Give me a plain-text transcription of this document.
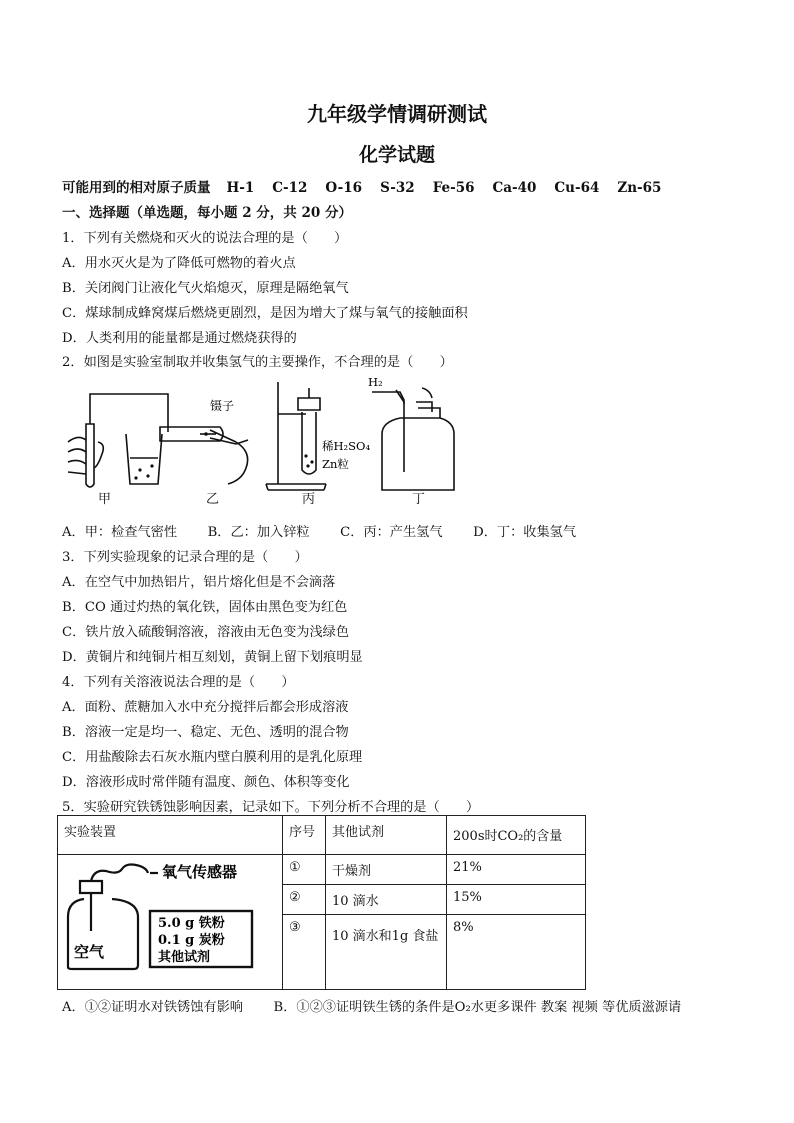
九年级学情调研测试
化学试题
可能用到的相对原子质量 H-1 C-12 O-16 S-32 Fe-56 Ca-40 Cu-64 Zn-65
一、选择题（单选题，每小题 2 分，共 20 分）
1．下列有关燃烧和灭火的说法合理的是（　　）
A．用水灭火是为了降低可燃物的着火点
B．关闭阀门让液化气火焰熄灭，原理是隔绝氧气
C．煤球制成蜂窝煤后燃烧更剧烈，是因为增大了煤与氧气的接触面积
D．人类利用的能量都是通过燃烧获得的
2．如图是实验室制取并收集氢气的主要操作，不合理的是（　　）
镊子
稀H₂SO₄
Zn粒
H₂
甲	乙	丙	丁
A．甲：检查气密性　　 B．乙：加入锌粒　　 C．丙：产生氢气　　 D．丁：收集氢气
3．下列实验现象的记录合理的是（　　）
A．在空气中加热铝片，铝片熔化但是不会滴落
B．CO 通过灼热的氧化铁，固体由黑色变为红色
C．铁片放入硫酸铜溶液，溶液由无色变为浅绿色
D．黄铜片和纯铜片相互刻划，黄铜上留下划痕明显
4．下列有关溶液说法合理的是（　　）
A．面粉、蔗糖加入水中充分搅拌后都会形成溶液
B．溶液一定是均一、稳定、无色、透明的混合物
C．用盐酸除去石灰水瓶内壁白膜利用的是乳化原理
D．溶液形成时常伴随有温度、颜色、体积等变化
5．实验研究铁锈蚀影响因素，记录如下。下列分析不合理的是（　　）
实验装置	序号	其他试剂	200s时CO₂的含量

氧气传感器
空气
5.0 g 铁粉
0.1 g 炭粉
其他试剂	①	干燥剂	21%
	②	10 滴水	15%
	③	10 滴水和1g 食盐	8%
A．①②证明水对铁锈蚀有影响　　 B．①②③证明铁生锈的条件是O₂水更多课件 教案 视频 等优质滋源请
